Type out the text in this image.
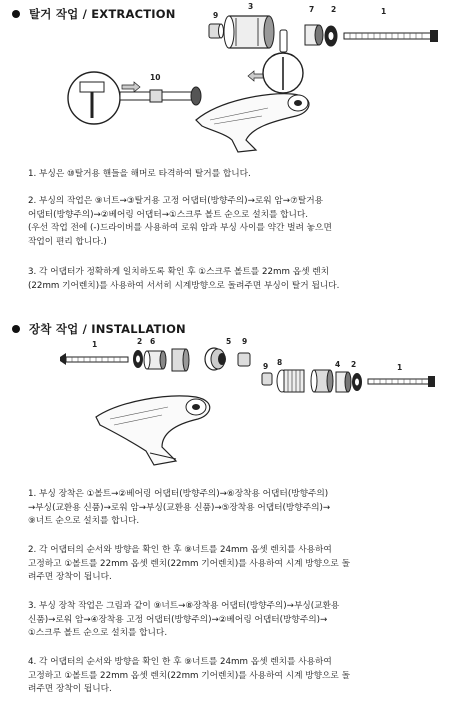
탈거 작업 / EXTRACTION	9
3	7 2	1
10
1. 부싱은 ⑩탈거용 핸들을 해머로 타격하여 탈거를 합니다.
2. 부싱의 작업은 ⑨너트→③탈거용 고정 어댑터(방향주의)→로워 암→⑦탈거용
어댑터(방향주의)→②베어링 어댑터→①스크루 볼트 순으로 설치를 합니다.
(우선 작업 전에 (-)드라이버를 사용하여 로워 암과 부싱 사이를 약간 벌려 놓으면
작업이 편리 합니다.)
3. 각 어댑터가 정확하게 일치하도록 확인 후 ①스크루 볼트를 22mm 옵셋 렌치
(22mm 기어렌치)를 사용하여 서서히 시계방향으로 돌려주면 부싱이 탈거 됩니다.
장착 작업 / INSTALLATION
1	2 6	5 9
9 8	4 2	1
1. 부싱 장착은 ①볼트→②베어링 어댑터(방향주의)→⑥장착용 어댑터(방향주의)
→부싱(교환용 신품)→로워 암→부싱(교환용 신품)→⑤장착용 어댑터(방향주의)→
⑨너트 순으로 설치를 합니다.
2. 각 어댑터의 순서와 방향을 확인 한 후 ⑨너트를 24mm 옵셋 렌치를 사용하여
고정하고 ①볼트를 22mm 옵셋 렌치(22mm 기어렌치)를 사용하여 시계 방향으로 돌
려주면 장착이 됩니다.
3. 부싱 장착 작업은 그림과 같이 ⑨너트→⑧장착용 어댑터(방향주의)→부싱(교환용
신품)→로워 암→④장착용 고정 어댑터(방향주의)→②베어링 어댑터(방향주의)→
①스크루 볼트 순으로 설치를 합니다.
4. 각 어댑터의 순서와 방향을 확인 한 후 ⑨너트를 24mm 옵셋 렌치를 사용하여
고정하고 ①볼트를 22mm 옵셋 렌치(22mm 기어렌치)를 사용하여 시계 방향으로 돌
려주면 장착이 됩니다.
